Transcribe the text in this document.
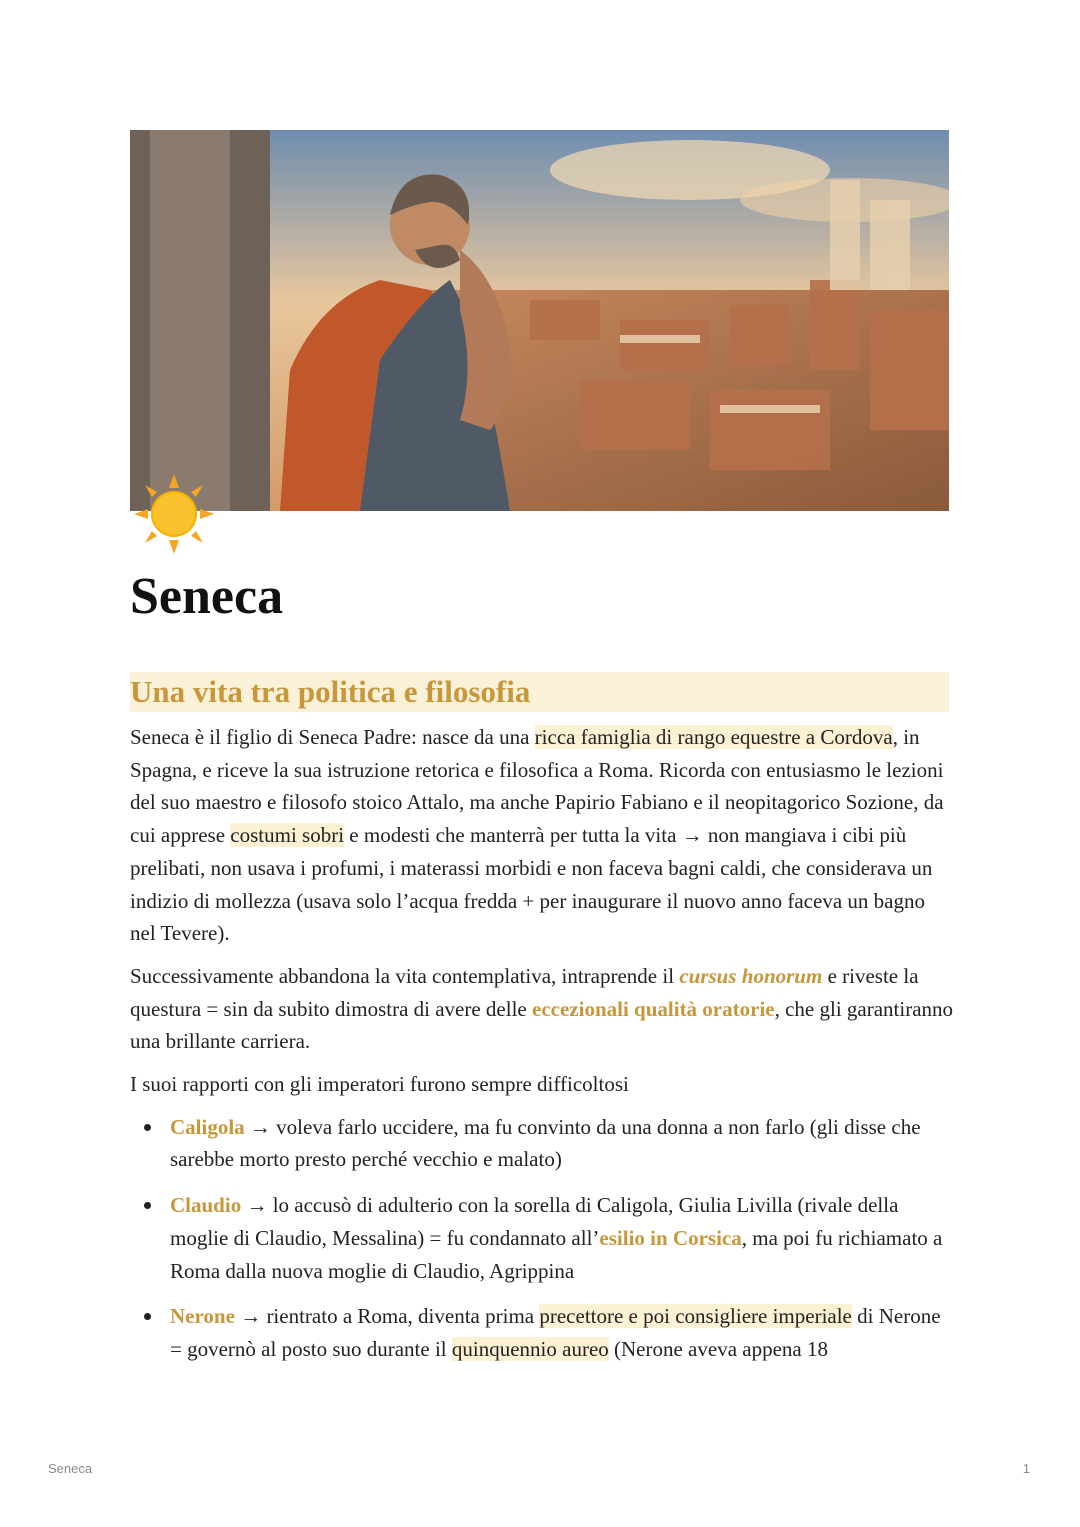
Seneca
Una vita tra politica e filosofia

Seneca è il figlio di Seneca Padre: nasce da una ricca famiglia di rango equestre a Cordova, in Spagna, e riceve la sua istruzione retorica e filosofica a Roma. Ricorda con entusiasmo le lezioni del suo maestro e filosofo stoico Attalo, ma anche Papirio Fabiano e il neopitagorico Sozione, da cui apprese costumi sobri e modesti che manterrà per tutta la vita → non mangiava i cibi più prelibati, non usava i profumi, i materassi morbidi e non faceva bagni caldi, che considerava un indizio di mollezza (usava solo l’acqua fredda + per inaugurare il nuovo anno faceva un bagno nel Tevere).

Successivamente abbandona la vita contemplativa, intraprende il cursus honorum e riveste la questura = sin da subito dimostra di avere delle eccezionali qualità oratorie, che gli garantiranno una brillante carriera.

I suoi rapporti con gli imperatori furono sempre difficoltosi

Caligola → voleva farlo uccidere, ma fu convinto da una donna a non farlo (gli disse che sarebbe morto presto perché vecchio e malato)
Claudio → lo accusò di adulterio con la sorella di Caligola, Giulia Livilla (rivale della moglie di Claudio, Messalina) = fu condannato all’esilio in Corsica, ma poi fu richiamato a Roma dalla nuova moglie di Claudio, Agrippina
Nerone → rientrato a Roma, diventa prima precettore e poi consigliere imperiale di Nerone = governò al posto suo durante il quinquennio aureo (Nerone aveva appena 18
Seneca	1
